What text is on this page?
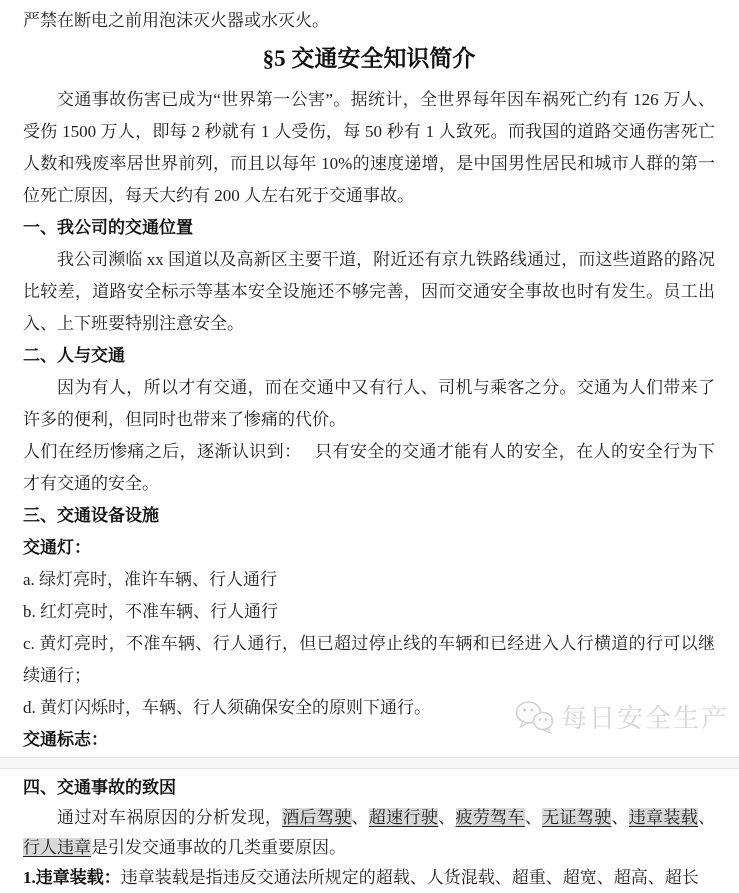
严禁在断电之前用泡沫灭火器或水灭火。

§5 交通安全知识简介

交通事故伤害已成为“世界第一公害”。据统计，全世界每年因车祸死亡约有 126 万人、受伤 1500 万人，即每 2 秒就有 1 人受伤，每 50 秒有 1 人致死。而我国的道路交通伤害死亡人数和残废率居世界前列，而且以每年 10%的速度递增，是中国男性居民和城市人群的第一位死亡原因，每天大约有 200 人左右死于交通事故。

一、我公司的交通位置

我公司濒临 xx 国道以及高新区主要干道，附近还有京九铁路线通过，而这些道路的路况比较差，道路安全标示等基本安全设施还不够完善，因而交通安全事故也时有发生。员工出入、上下班要特别注意安全。

二、人与交通

因为有人，所以才有交通，而在交通中又有行人、司机与乘客之分。交通为人们带来了许多的便利，但同时也带来了惨痛的代价。

人们在经历惨痛之后，逐渐认识到：　 只有安全的交通才能有人的安全，在人的安全行为下才有交通的安全。

三、交通设备设施

交通灯：

a. 绿灯亮时，准许车辆、行人通行

b. 红灯亮时，不准车辆、行人通行

c. 黄灯亮时，不准车辆、行人通行，但已超过停止线的车辆和已经进入人行横道的行可以继续通行；

d. 黄灯闪烁时，车辆、行人须确保安全的原则下通行。

交通标志：

四、交通事故的致因

通过对车祸原因的分析发现，酒后驾驶、超速行驶、疲劳驾车、无证驾驶、违章装载、行人违章是引发交通事故的几类重要原因。

1.违章装载：违章装载是指违反交通法所规定的超载、人货混载、超重、超宽、超高、超长

每日安全生产
